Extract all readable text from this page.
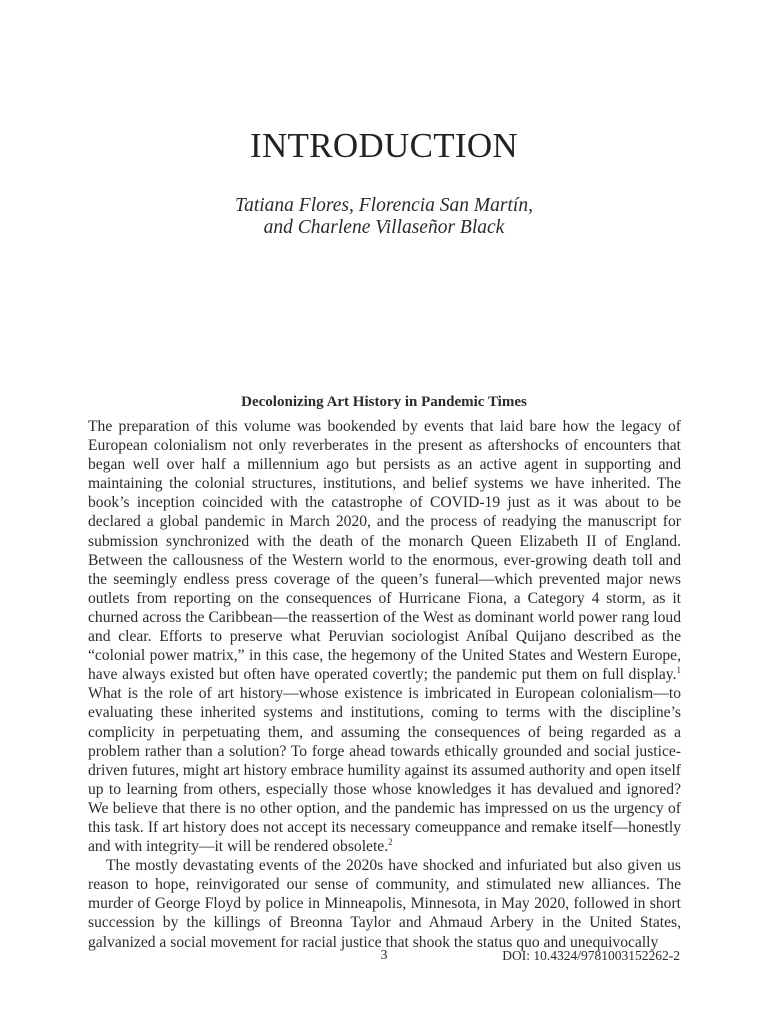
INTRODUCTION
Tatiana Flores, Florencia San Martín,
and Charlene Villaseñor Black
Decolonizing Art History in Pandemic Times

The preparation of this volume was bookended by events that laid bare how the legacy of European colonialism not only reverberates in the present as aftershocks of encounters that began well over half a millennium ago but persists as an active agent in supporting and maintaining the colonial structures, institutions, and belief systems we have inherited. The book’s inception coincided with the catastrophe of COVID-19 just as it was about to be declared a global pandemic in March 2020, and the process of readying the manuscript for submission synchronized with the death of the monarch Queen Elizabeth II of England. Between the callousness of the Western world to the enormous, ever-growing death toll and the seemingly endless press coverage of the queen’s funeral—which prevented major news outlets from reporting on the consequences of Hurricane Fiona, a Category 4 storm, as it churned across the Caribbean—the reassertion of the West as dominant world power rang loud and clear. Efforts to preserve what Peruvian sociologist Aníbal Quijano described as the “colonial power matrix,” in this case, the hegemony of the United States and Western Europe, have always existed but often have operated covertly; the pandemic put them on full display.$^1$ What is the role of art history—whose existence is imbricated in European colonialism—to evaluating these inherited systems and institutions, coming to terms with the discipline’s complicity in perpetuating them, and assuming the consequences of being regarded as a problem rather than a solution? To forge ahead towards ethically grounded and social justice-driven futures, might art history embrace humility against its assumed authority and open itself up to learning from others, especially those whose knowledges it has devalued and ignored? We believe that there is no other option, and the pandemic has impressed on us the urgency of this task. If art history does not accept its necessary comeuppance and remake itself—honestly and with integrity—it will be rendered obsolete.$^2$

The mostly devastating events of the 2020s have shocked and infuriated but also given us reason to hope, reinvigorated our sense of community, and stimulated new alliances. The murder of George Floyd by police in Minneapolis, Minnesota, in May 2020, followed in short succession by the killings of Breonna Taylor and Ahmaud Arbery in the United States, galvanized a social movement for racial justice that shook the status quo and unequivocally

3	DOI: 10.4324/9781003152262-2
